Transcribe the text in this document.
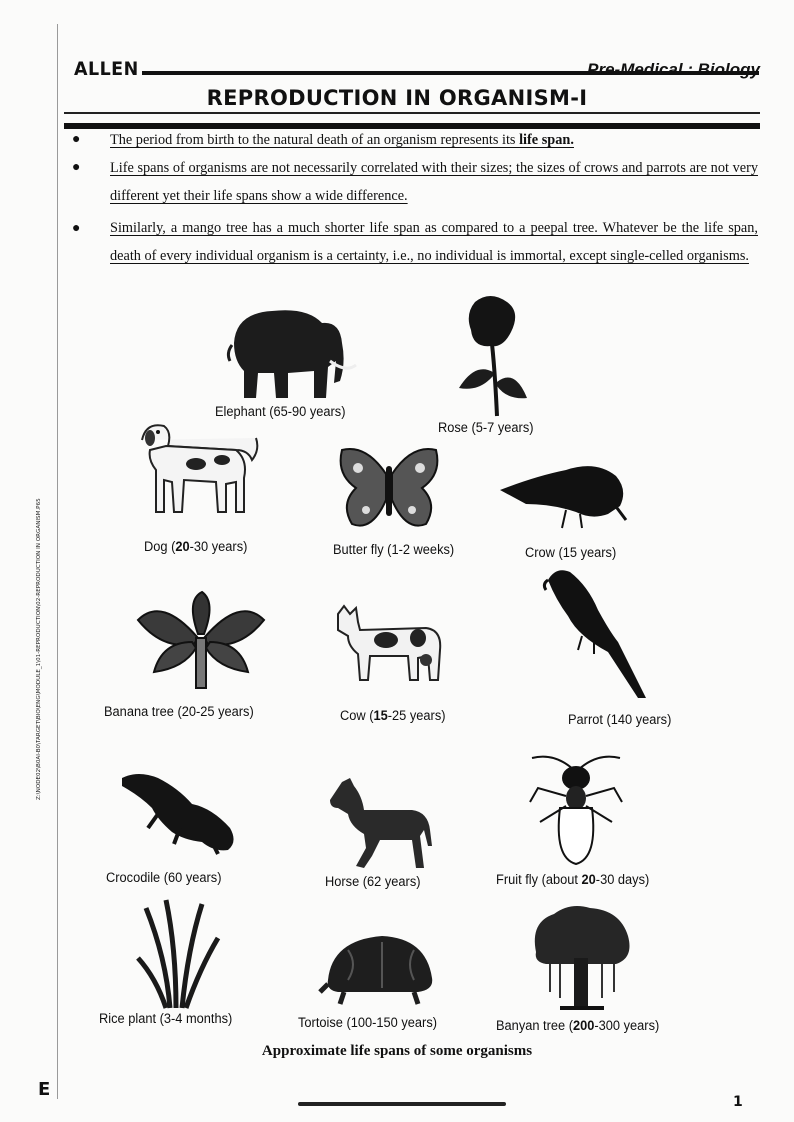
ALLEN	Pre-Medical : Biology
REPRODUCTION IN ORGANISM-I
● The period from birth to the natural death of an organism represents its life span.
● Life spans of organisms are not necessarily correlated with their sizes; the sizes of crows and parrots are not very different yet their life spans show a wide difference.
● Similarly, a mango tree has a much shorter life span as compared to a peepal tree. Whatever be the life span, death of every individual organism is a certainty, i.e., no individual is immortal, except single-celled organisms.
Elephant (65-90 years)
Rose (5-7 years)
Dog (20-30 years)	Butter fly (1-2 weeks)	Crow (15 years)
Banana tree (20-25 years)	Cow (15-25 years)	Parrot (140 years)
Crocodile (60 years)	Horse (62 years)	Fruit fly (about 20-30 days)
Rice plant (3-4 months)	Tortoise (100-150 years)	Banyan tree (200-300 years)
Approximate life spans of some organisms
Z:\NODE02\B0AI-B0\TARGET\BIO\ENG\MODULE_1\01-REPRODUCTION\02-REPRODUCTION IN ORGANISM.P65
E
1
